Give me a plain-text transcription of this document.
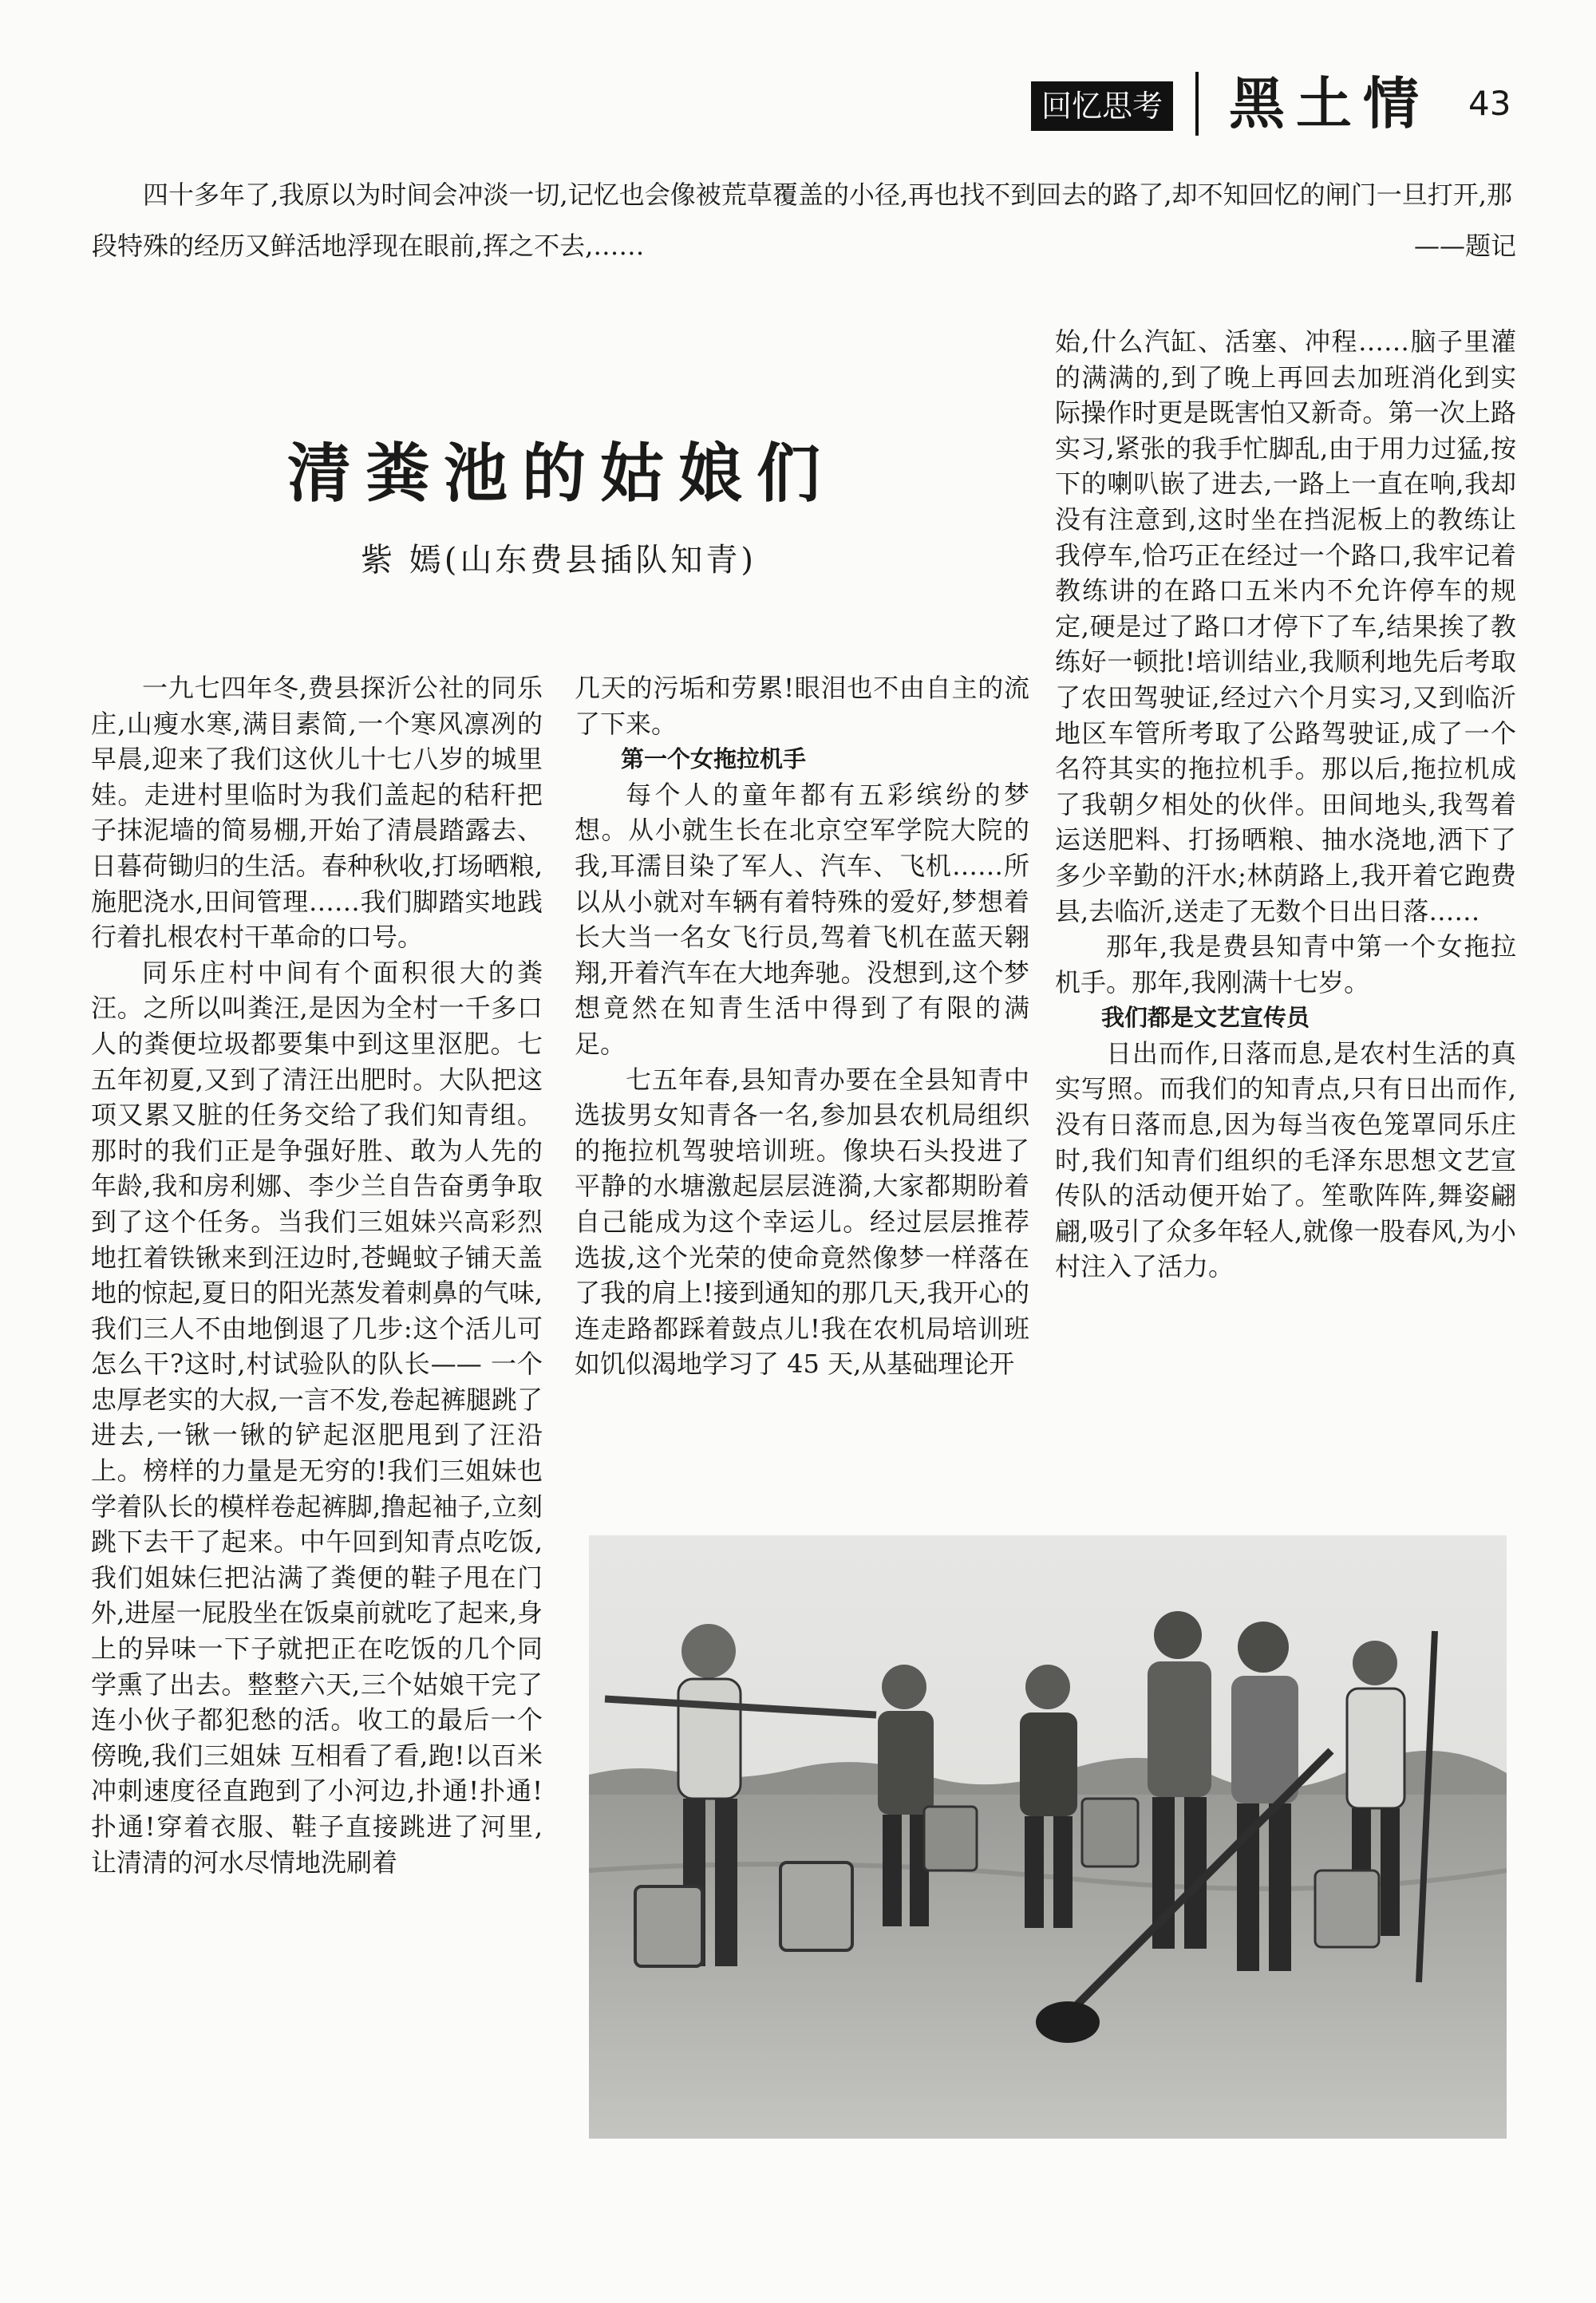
回忆思考 黑土情 43
四十多年了,我原以为时间会冲淡一切,记忆也会像被荒草覆盖的小径,再也找不到回去的路了,却不知回忆的闸门一旦打开,那段特殊的经历又鲜活地浮现在眼前,挥之不去,……	——题记
清粪池的姑娘们
紫 嫣(山东费县插队知青)

一九七四年冬,费县探沂公社的同乐庄,山瘦水寒,满目素简,一个寒风凛冽的早晨,迎来了我们这伙儿十七八岁的城里娃。走进村里临时为我们盖起的秸秆把子抹泥墙的简易棚,开始了清晨踏露去、日暮荷锄归的生活。春种秋收,打场晒粮,施肥浇水,田间管理……我们脚踏实地践行着扎根农村干革命的口号。

同乐庄村中间有个面积很大的粪汪。之所以叫粪汪,是因为全村一千多口人的粪便垃圾都要集中到这里沤肥。七五年初夏,又到了清汪出肥时。大队把这项又累又脏的任务交给了我们知青组。那时的我们正是争强好胜、敢为人先的年龄,我和房利娜、李少兰自告奋勇争取到了这个任务。当我们三姐妹兴高彩烈地扛着铁锹来到汪边时,苍蝇蚊子铺天盖地的惊起,夏日的阳光蒸发着刺鼻的气味,我们三人不由地倒退了几步:这个活儿可怎么干?这时,村试验队的队长—— 一个忠厚老实的大叔,一言不发,卷起裤腿跳了进去,一锹一锹的铲起沤肥甩到了汪沿上。榜样的力量是无穷的!我们三姐妹也学着队长的模样卷起裤脚,撸起袖子,立刻跳下去干了起来。中午回到知青点吃饭,我们姐妹仨把沾满了粪便的鞋子甩在门外,进屋一屁股坐在饭桌前就吃了起来,身上的异味一下子就把正在吃饭的几个同学熏了出去。整整六天,三个姑娘干完了连小伙子都犯愁的活。收工的最后一个傍晚,我们三姐妹 互相看了看,跑!以百米冲刺速度径直跑到了小河边,扑通!扑通!扑通!穿着衣服、鞋子直接跳进了河里,让清清的河水尽情地洗刷着

几天的污垢和劳累!眼泪也不由自主的流了下来。

第一个女拖拉机手

每个人的童年都有五彩缤纷的梦想。从小就生长在北京空军学院大院的我,耳濡目染了军人、汽车、飞机……所以从小就对车辆有着特殊的爱好,梦想着长大当一名女飞行员,驾着飞机在蓝天翱翔,开着汽车在大地奔驰。没想到,这个梦想竟然在知青生活中得到了有限的满足。

七五年春,县知青办要在全县知青中选拔男女知青各一名,参加县农机局组织的拖拉机驾驶培训班。像块石头投进了平静的水塘激起层层涟漪,大家都期盼着自己能成为这个幸运儿。经过层层推荐选拔,这个光荣的使命竟然像梦一样落在了我的肩上!接到通知的那几天,我开心的连走路都踩着鼓点儿!我在农机局培训班如饥似渴地学习了 45 天,从基础理论开

始,什么汽缸、活塞、冲程……脑子里灌的满满的,到了晚上再回去加班消化到实际操作时更是既害怕又新奇。第一次上路实习,紧张的我手忙脚乱,由于用力过猛,按下的喇叭嵌了进去,一路上一直在响,我却没有注意到,这时坐在挡泥板上的教练让我停车,恰巧正在经过一个路口,我牢记着教练讲的在路口五米内不允许停车的规定,硬是过了路口才停下了车,结果挨了教练好一顿批!培训结业,我顺利地先后考取了农田驾驶证,经过六个月实习,又到临沂地区车管所考取了公路驾驶证,成了一个名符其实的拖拉机手。那以后,拖拉机成了我朝夕相处的伙伴。田间地头,我驾着运送肥料、打扬晒粮、抽水浇地,洒下了多少辛勤的汗水;林荫路上,我开着它跑费县,去临沂,送走了无数个日出日落……

那年,我是费县知青中第一个女拖拉机手。那年,我刚满十七岁。

我们都是文艺宣传员

日出而作,日落而息,是农村生活的真实写照。而我们的知青点,只有日出而作,没有日落而息,因为每当夜色笼罩同乐庄时,我们知青们组织的毛泽东思想文艺宣传队的活动便开始了。笙歌阵阵,舞姿翩翩,吸引了众多年轻人,就像一股春风,为小村注入了活力。
